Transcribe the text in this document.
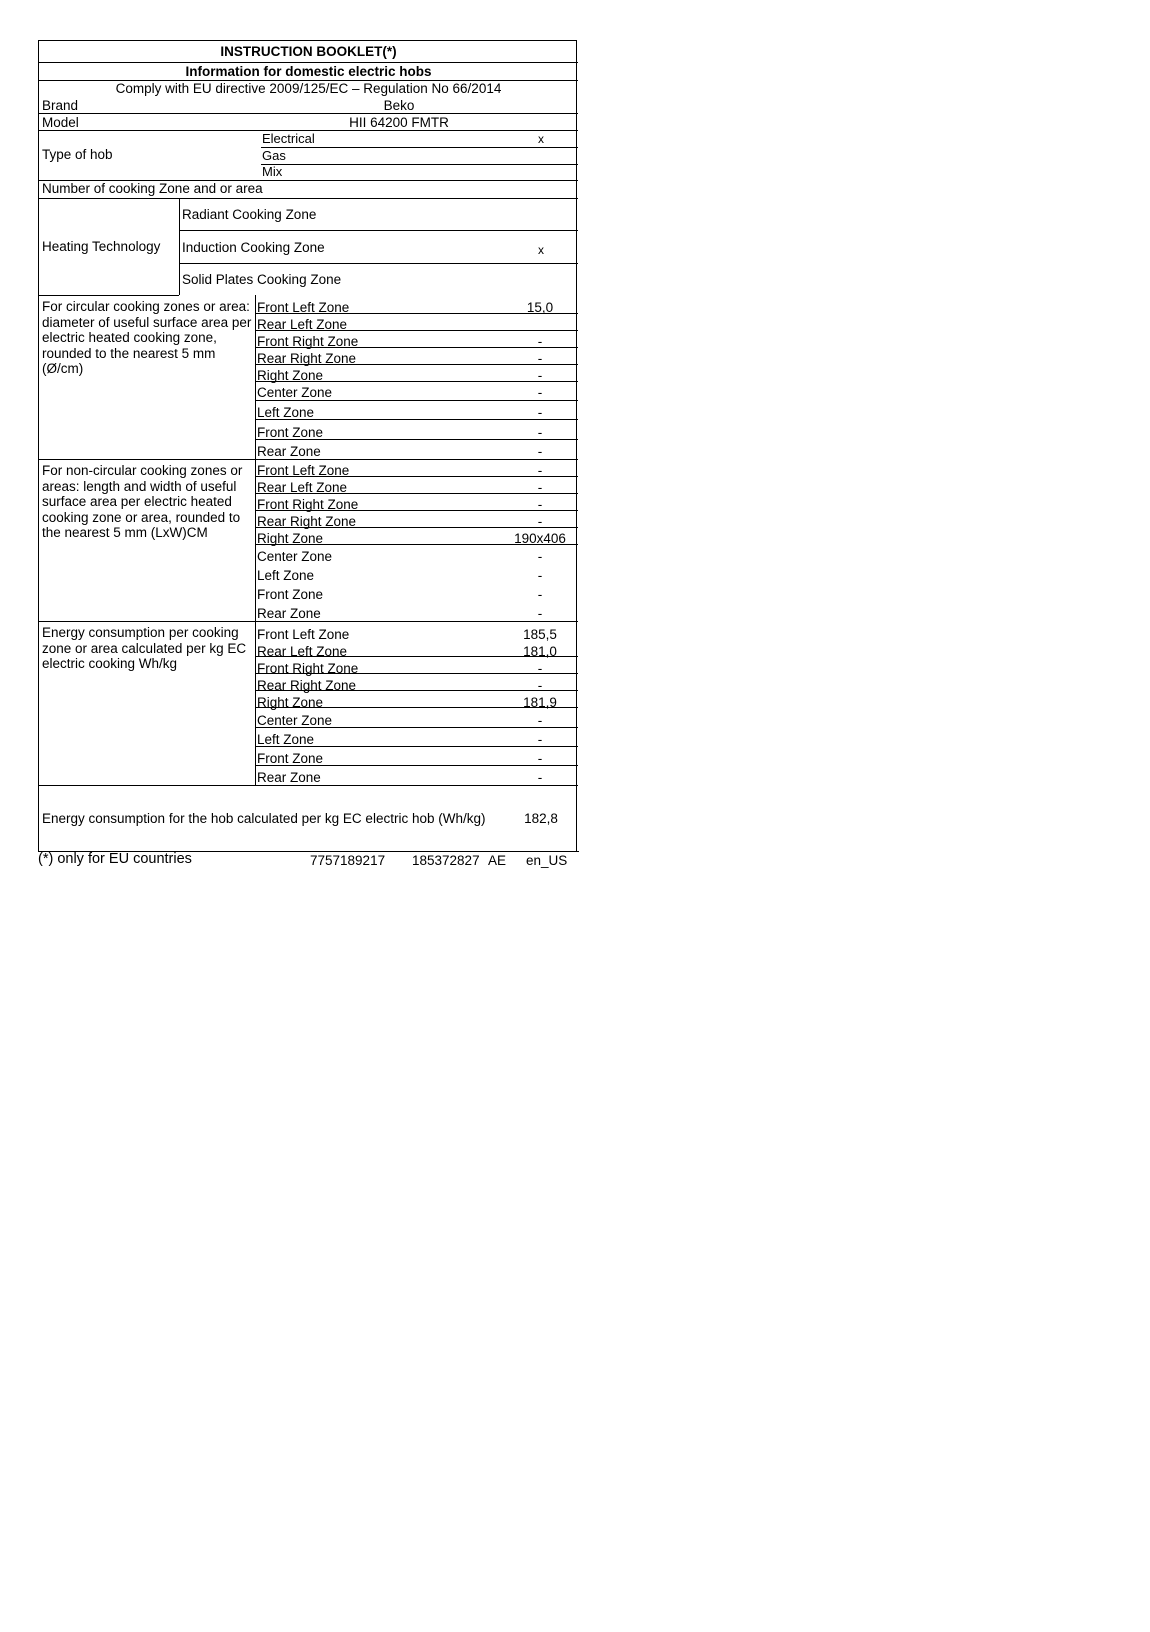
INSTRUCTION BOOKLET(*)
Information for domestic electric hobs
Comply with EU directive 2009/125/EC – Regulation No 66/2014
Brand	Beko
Model	HII 64200 FMTR
Type of hob
Electrical	x
Gas
Mix
Number of cooking Zone and or area
Heating Technology
Radiant Cooking Zone
Induction Cooking Zone	x
Solid Plates Cooking Zone
For circular cooking zones or area: diameter of useful surface area per electric heated cooking zone, rounded to the nearest 5 mm (Ø/cm)
Front Left Zone	15,0
Rear Left Zone
Front Right Zone	-
Rear Right Zone	-
Right Zone	-
Center Zone	-
Left Zone	-
Front Zone	-
Rear Zone	-
For non-circular cooking zones or areas: length and width of useful surface area per electric heated cooking zone or area, rounded to the nearest 5 mm (LxW)CM
Front Left Zone	-
Rear Left Zone	-
Front Right Zone	-
Rear Right Zone	-
Right Zone	190x406
Center Zone	-
Left Zone	-
Front Zone	-
Rear Zone	-
Energy consumption per cooking zone or area calculated per kg EC electric cooking Wh/kg
Front Left Zone	185,5
Rear Left Zone	181,0
Front Right Zone	-
Rear Right Zone	-
Right Zone	181,9
Center Zone	-
Left Zone	-
Front Zone	-
Rear Zone	-
Energy consumption for the hob calculated per kg EC electric hob (Wh/kg)	182,8
(*) only for EU countries	7757189217 185372827 AE en_US
